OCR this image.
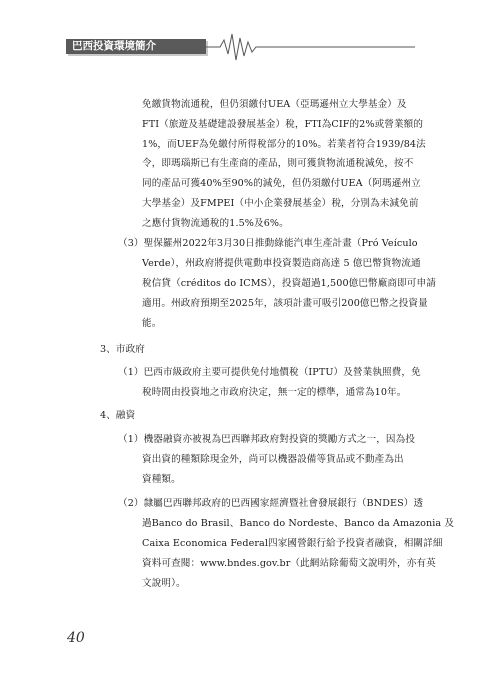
巴西投資環境簡介
免繳貨物流通稅，但仍須繳付UEA（亞瑪遜州立大學基金）及
FTI（旅遊及基礎建設發展基金）稅，FTI為CIF的2%或營業額的
1%，而UEF為免繳付所得稅部分的10%。若業者符合1939/84法
令，即瑪瑙斯已有生產商的產品，則可獲貨物流通稅減免，按不
同的產品可獲40%至90%的減免，但仍須繳付UEA（阿瑪遜州立
大學基金）及FMPEI（中小企業發展基金）稅，分別為未減免前
之應付貨物流通稅的1.5%及6%。
（3）聖保羅州2022年3月30日推動綠能汽車生產計畫（Pró Veículo
Verde），州政府將提供電動車投資製造商高達 5 億巴幣貨物流通
稅信貸（créditos do ICMS），投資超過1,500億巴幣廠商即可申請
適用。州政府預期至2025年，該項計畫可吸引200億巴幣之投資量
能。
3、市政府
（1）巴西市級政府主要可提供免付地價稅（IPTU）及營業執照費，免
稅時間由投資地之市政府決定，無一定的標準，通常為10年。
4、融資
（1）機器融資亦被視為巴西聯邦政府對投資的獎勵方式之一，因為投
資出資的種類除現金外，尚可以機器設備等貨品或不動產為出
資種類。
（2）隸屬巴西聯邦政府的巴西國家經濟暨社會發展銀行（BNDES）透
過Banco do Brasil、Banco do Nordeste、Banco da Amazonia 及
Caixa Economica Federal四家國營銀行給予投資者融資，相關詳細
資料可查閱：www.bndes.gov.br（此網站除葡萄文說明外，亦有英
文說明）。
40
